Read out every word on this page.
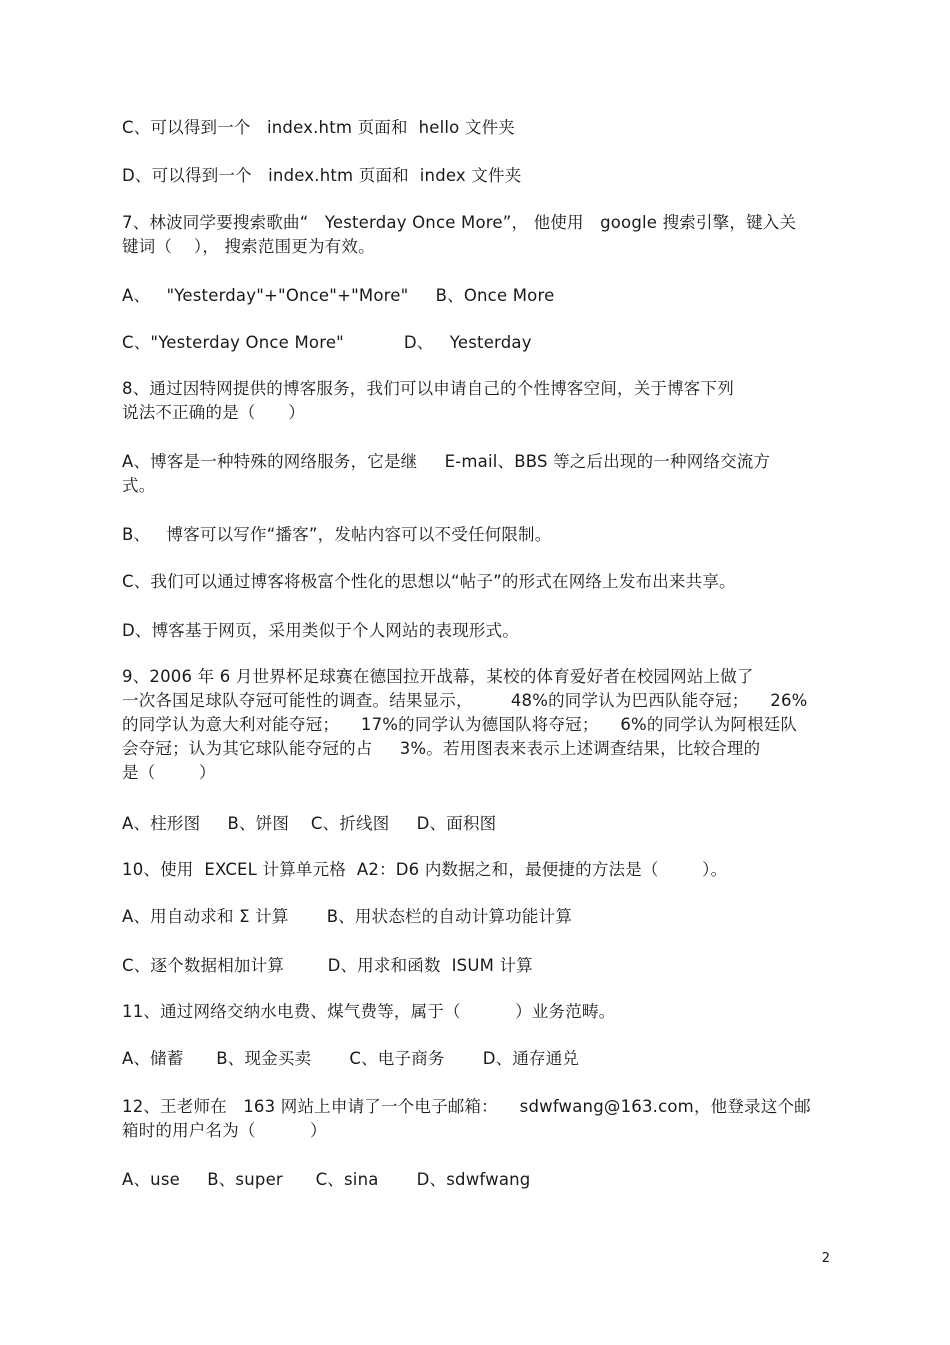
C、可以得到一个   index.htm 页面和  hello 文件夹
D、可以得到一个   index.htm 页面和  index 文件夹
7、林波同学要搜索歌曲“   Yesterday Once More”， 他使用   google 搜索引擎，键入关
键词（    ）， 搜索范围更为有效。
A、   "Yesterday"+"Once"+"More"     B、Once More
C、"Yesterday Once More"           D、   Yesterday
8、通过因特网提供的博客服务，我们可以申请自己的个性博客空间，关于博客下列
说法不正确的是（      ）
A、博客是一种特殊的网络服务，它是继     E-mail、BBS 等之后出现的一种网络交流方
式。
B、   博客可以写作“播客”，发帖内容可以不受任何限制。
C、我们可以通过博客将极富个性化的思想以“帖子”的形式在网络上发布出来共享。
D、博客基于网页，采用类似于个人网站的表现形式。
9、2006 年 6 月世界杯足球赛在德国拉开战幕，某校的体育爱好者在校园网站上做了
一次各国足球队夺冠可能性的调查。结果显示，       48%的同学认为巴西队能夺冠；    26%
的同学认为意大利对能夺冠；    17%的同学认为德国队将夺冠；    6%的同学认为阿根廷队
会夺冠；认为其它球队能夺冠的占     3%。若用图表来表示上述调查结果，比较合理的
是（        ）
A、柱形图     B、饼图    C、折线图     D、面积图
10、使用  EXCEL 计算单元格  A2：D6 内数据之和，最便捷的方法是（        ）。
A、用自动求和 Σ 计算       B、用状态栏的自动计算功能计算
C、逐个数据相加计算        D、用求和函数  ISUM 计算
11、通过网络交纳水电费、煤气费等，属于（          ）业务范畴。
A、储蓄      B、现金买卖       C、电子商务       D、通存通兑
12、王老师在   163 网站上申请了一个电子邮箱：    sdwfwang@163.com，他登录这个邮
箱时的用户名为（          ）
A、use     B、super      C、sina       D、sdwfwang
2
